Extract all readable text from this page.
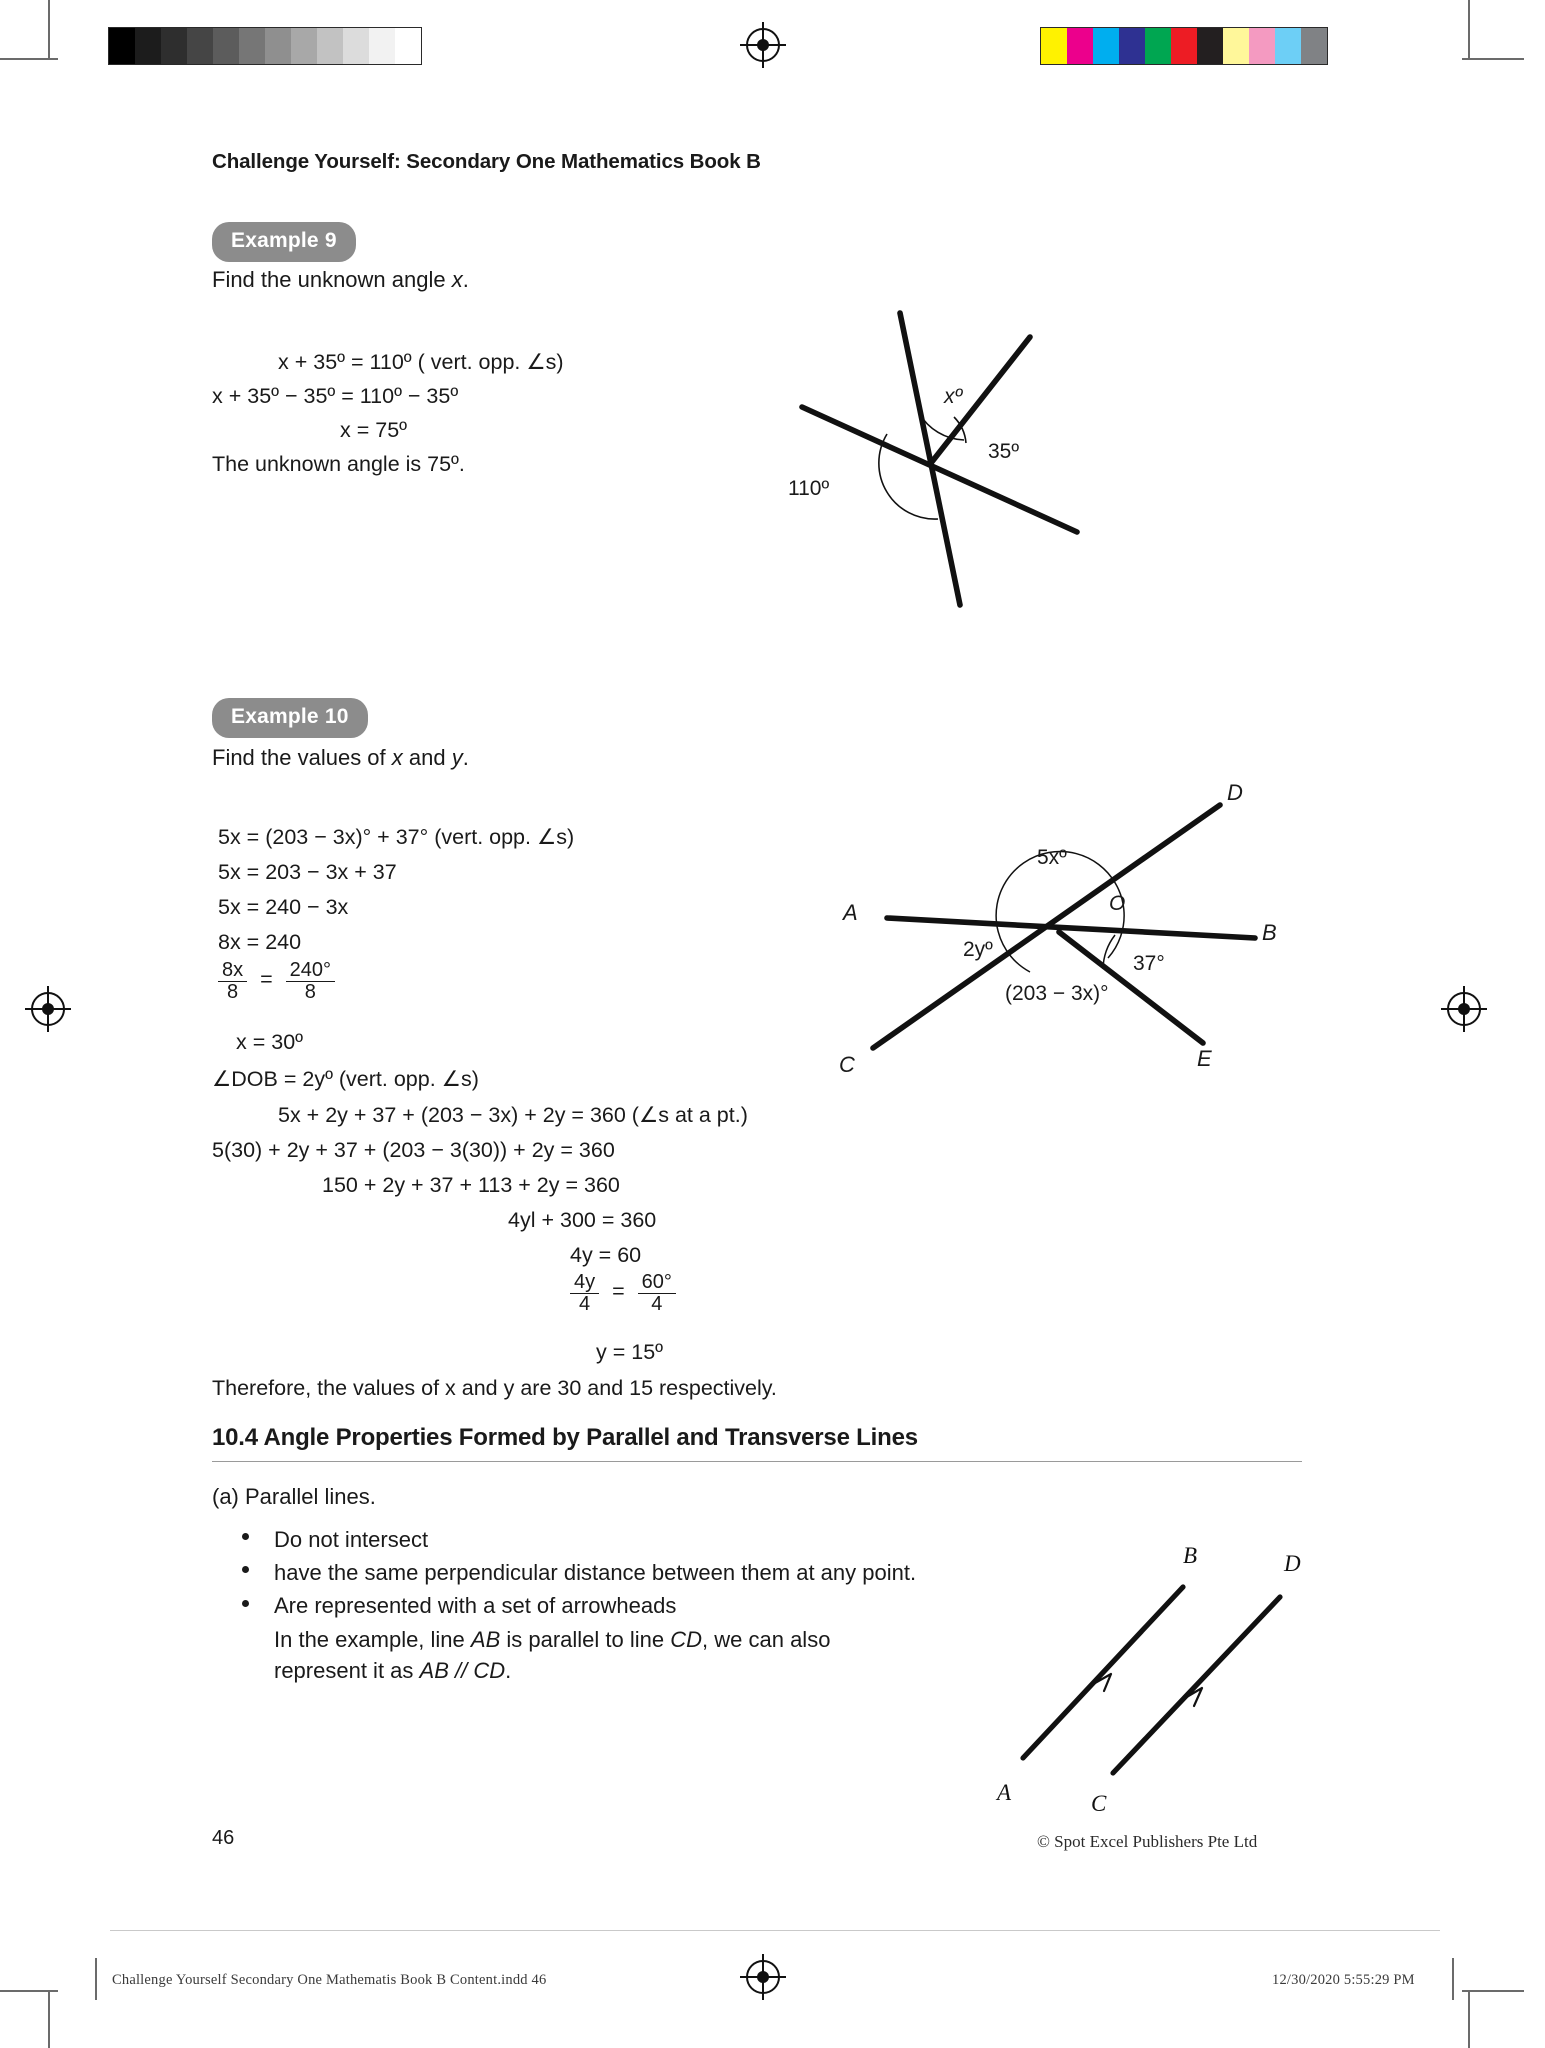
Challenge Yourself: Secondary One Mathematics Book B
Example 9
Find the unknown angle x.
x + 35º = 110º ( vert. opp. ∠s)
x + 35º − 35º = 110º − 35º
x = 75º
The unknown angle is 75º.
xº
35º
110º
Example 10
Find the values of x and y.
5x = (203 − 3x)° + 37° (vert. opp. ∠s)
5x = 203 − 3x + 37
5x = 240 − 3x
8x = 240
$\frac{8x}{8} = \frac{240^\circ}{8}$
x = 30º
∠DOB = 2yº (vert. opp. ∠s)
5x + 2y + 37 + (203 − 3x) + 2y = 360 (∠s at a pt.)
5(30) + 2y + 37 + (203 − 3(30)) + 2y = 360
150 + 2y + 37 + 113 + 2y = 360
4yl + 300 = 360
4y = 60
$\frac{4y}{4} = \frac{60^\circ}{4}$
y = 15º
Therefore, the values of x and y are 30 and 15 respectively.
A
B
C
D
E
O
5xº
2yº
37°
(203 − 3x)°
10.4 Angle Properties Formed by Parallel and Transverse Lines
(a) Parallel lines.
Do not intersect
have the same perpendicular distance between them at any point.
Are represented with a set of arrowheads
In the example, line AB is parallel to line CD, we can also
represent it as AB // CD.
A
B
C
D
46	© Spot Excel Publishers Pte Ltd
Challenge Yourself Secondary One Mathematis Book B Content.indd 46	12/30/2020 5:55:29 PM
